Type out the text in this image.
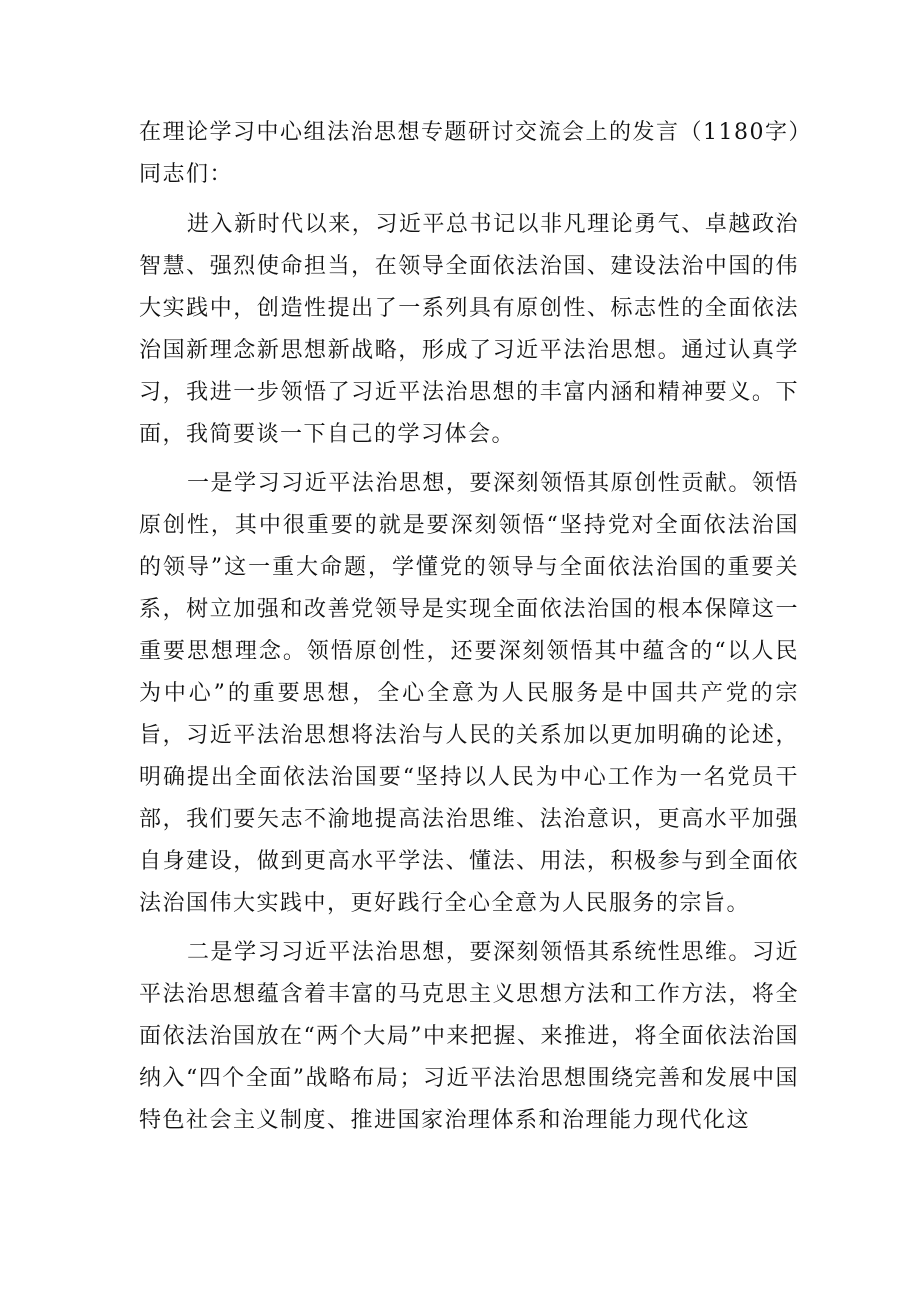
在理论学习中心组法治思想专题研讨交流会上的发言（1180字）

同志们：

进入新时代以来，习近平总书记以非凡理论勇气、卓越政治智慧、强烈使命担当，在领导全面依法治国、建设法治中国的伟大实践中，创造性提出了一系列具有原创性、标志性的全面依法治国新理念新思想新战略，形成了习近平法治思想。通过认真学习，我进一步领悟了习近平法治思想的丰富内涵和精神要义。下面，我简要谈一下自己的学习体会。

一是学习习近平法治思想，要深刻领悟其原创性贡献。领悟原创性，其中很重要的就是要深刻领悟“坚持党对全面依法治国的领导”这一重大命题，学懂党的领导与全面依法治国的重要关系，树立加强和改善党领导是实现全面依法治国的根本保障这一重要思想理念。领悟原创性，还要深刻领悟其中蕴含的“以人民为中心”的重要思想，全心全意为人民服务是中国共产党的宗旨，习近平法治思想将法治与人民的关系加以更加明确的论述，明确提出全面依法治国要“坚持以人民为中心工作为一名党员干部，我们要矢志不渝地提高法治思维、法治意识，更高水平加强自身建设，做到更高水平学法、懂法、用法，积极参与到全面依法治国伟大实践中，更好践行全心全意为人民服务的宗旨。

二是学习习近平法治思想，要深刻领悟其系统性思维。习近平法治思想蕴含着丰富的马克思主义思想方法和工作方法，将全面依法治国放在“两个大局”中来把握、来推进，将全面依法治国纳入“四个全面”战略布局；习近平法治思想围绕完善和发展中国特色社会主义制度、推进国家治理体系和治理能力现代化这
